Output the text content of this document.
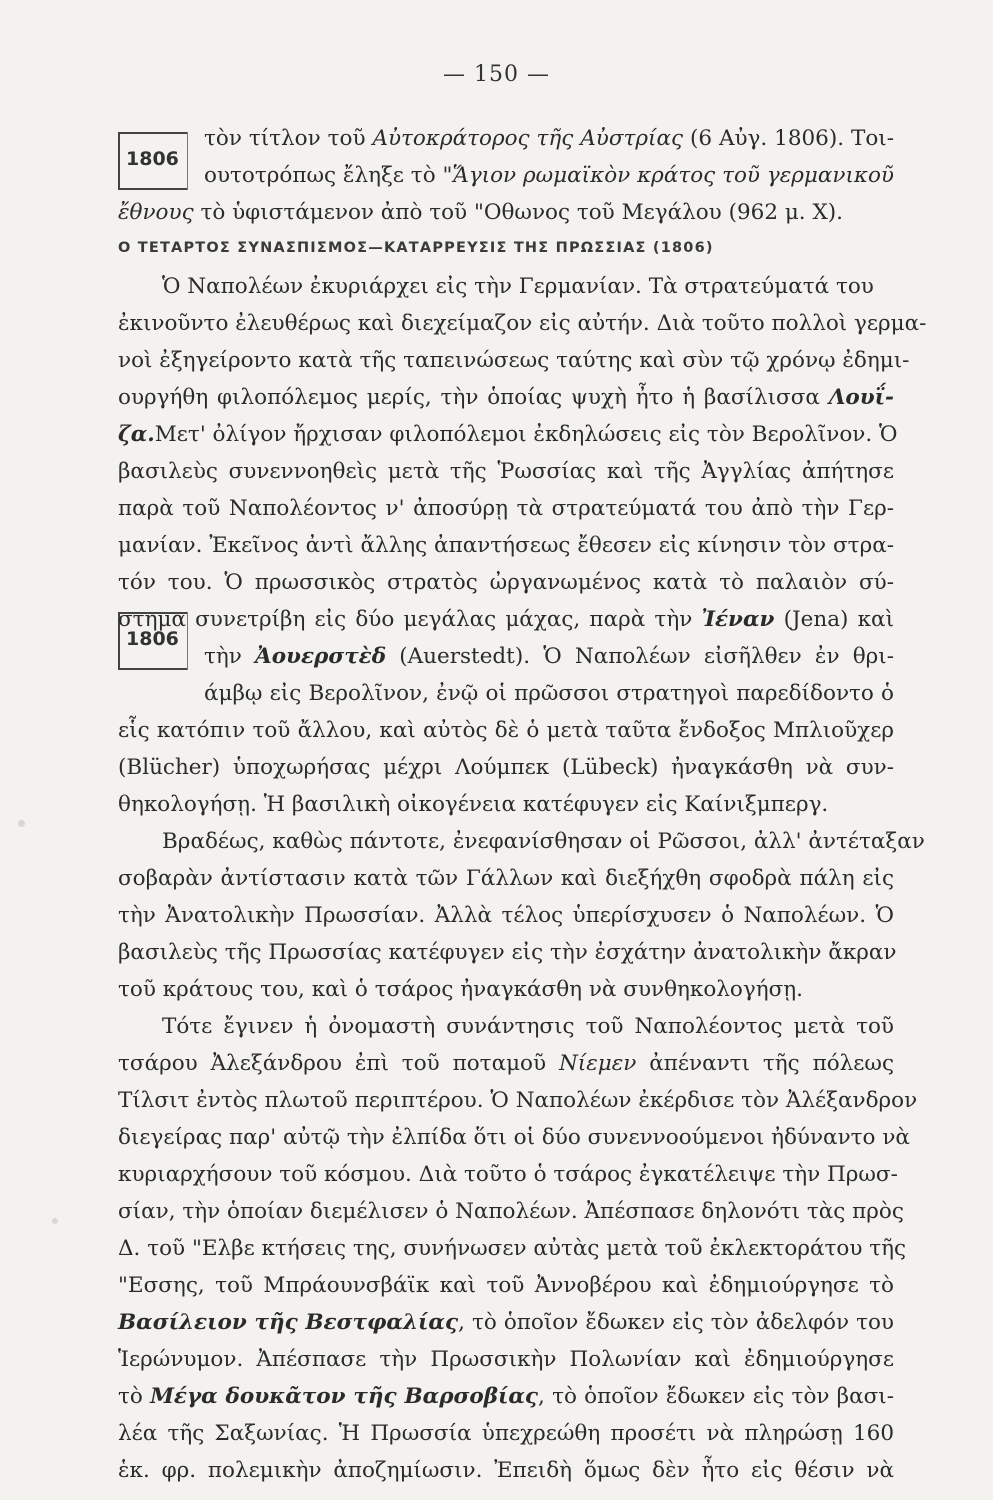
— 150 —
1806
1806
τὸν τίτλον τοῦ Αὐτοκράτορος τῆς Αὐστρίας (6 Αὐγ. 1806). Τοι-
ουτοτρόπως ἔληξε τὸ "Ἅγιον ρωμαϊκὸν κράτος τοῦ γερμανικοῦ
ἔθνους τὸ ὑφιστάμενον ἀπὸ τοῦ "Οθωνος τοῦ Μεγάλου (962 μ. Χ).
Ο ΤΕΤΑΡΤΟΣ ΣΥΝΑΣΠΙΣΜΟΣ—ΚΑΤΑΡΡΕΥΣΙΣ ΤΗΣ ΠΡΩΣΣΙΑΣ (1806)
Ὁ Ναπολέων ἐκυριάρχει εἰς τὴν Γερμανίαν. Τὰ στρατεύματά του
ἐκινοῦντο ἐλευθέρως καὶ διεχείμαζον εἰς αὐτήν. Διὰ τοῦτο πολλοὶ γερμα-
νοὶ ἐξηγείροντο κατὰ τῆς ταπεινώσεως ταύτης καὶ σὺν τῷ χρόνῳ ἐδημι-
ουργήθη φιλοπόλεμος μερίς, τὴν ὁποίας ψυχὴ ἦτο ἡ βασίλισσα Λουΐ-
ζα.Μετ' ὀλίγον ἤρχισαν φιλοπόλεμοι ἐκδηλώσεις εἰς τὸν Βερολῖνον. Ὁ
βασιλεὺς συνεννοηθεὶς μετὰ τῆς Ῥωσσίας καὶ τῆς Ἀγγλίας ἀπήτησε
παρὰ τοῦ Ναπολέοντος ν' ἀποσύρῃ τὰ στρατεύματά του ἀπὸ τὴν Γερ-
μανίαν. Ἐκεῖνος ἀντὶ ἄλλης ἀπαντήσεως ἔθεσεν εἰς κίνησιν τὸν στρα-
τόν του. Ὁ πρωσσικὸς στρατὸς ὠργανωμένος κατὰ τὸ παλαιὸν σύ-
στημα συνετρίβη εἰς δύο μεγάλας μάχας, παρὰ τὴν Ἰέναν (Jena) καὶ
τὴν Ἀουερστὲδ (Auerstedt). Ὁ Ναπολέων εἰσῆλθεν ἐν θρι-
άμβῳ εἰς Βερολῖνον, ἐνῷ οἱ πρῶσσοι στρατηγοὶ παρεδίδοντο ὁ
εἷς κατόπιν τοῦ ἄλλου, καὶ αὐτὸς δὲ ὁ μετὰ ταῦτα ἔνδοξος Μπλιοῦχερ
(Blücher) ὑποχωρήσας μέχρι Λούμπεκ (Lübeck) ἠναγκάσθη νὰ συν-
θηκολογήσῃ. Ἡ βασιλικὴ οἰκογένεια κατέφυγεν εἰς Καίνιξμπεργ.
Βραδέως, καθὼς πάντοτε, ἐνεφανίσθησαν οἱ Ρῶσσοι, ἀλλ' ἀντέταξαν
σοβαρὰν ἀντίστασιν κατὰ τῶν Γάλλων καὶ διεξήχθη σφοδρὰ πάλη εἰς
τὴν Ἀνατολικὴν Πρωσσίαν. Ἀλλὰ τέλος ὑπερίσχυσεν ὁ Ναπολέων. Ὁ
βασιλεὺς τῆς Πρωσσίας κατέφυγεν εἰς τὴν ἐσχάτην ἀνατολικὴν ἄκραν
τοῦ κράτους του, καὶ ὁ τσάρος ἠναγκάσθη νὰ συνθηκολογήσῃ.
Τότε ἔγινεν ἡ ὀνομαστὴ συνάντησις τοῦ Ναπολέοντος μετὰ τοῦ
τσάρου Ἀλεξάνδρου ἐπὶ τοῦ ποταμοῦ Νίεμεν ἀπέναντι τῆς πόλεως
Τίλσιτ ἐντὸς πλωτοῦ περιπτέρου. Ὁ Ναπολέων ἐκέρδισε τὸν Ἀλέξανδρον
διεγείρας παρ' αὐτῷ τὴν ἐλπίδα ὅτι οἱ δύο συνεννοούμενοι ἠδύναντο νὰ
κυριαρχήσουν τοῦ κόσμου. Διὰ τοῦτο ὁ τσάρος ἐγκατέλειψε τὴν Πρωσ-
σίαν, τὴν ὁποίαν διεμέλισεν ὁ Ναπολέων. Ἀπέσπασε δηλονότι τὰς πρὸς
Δ. τοῦ "Ελβε κτήσεις της, συνήνωσεν αὐτὰς μετὰ τοῦ ἐκλεκτοράτου τῆς
"Εσσης, τοῦ Μπράουνσβάϊκ καὶ τοῦ Ἀννοβέρου καὶ ἐδημιούργησε τὸ
Βασίλειον τῆς Βεστφαλίας, τὸ ὁποῖον ἔδωκεν εἰς τὸν ἀδελφόν του
Ἱερώνυμον. Ἀπέσπασε τὴν Πρωσσικὴν Πολωνίαν καὶ ἐδημιούργησε
τὸ Μέγα δουκᾶτον τῆς Βαρσοβίας, τὸ ὁποῖον ἔδωκεν εἰς τὸν βασι-
λέα τῆς Σαξωνίας. Ἡ Πρωσσία ὑπεχρεώθη προσέτι νὰ πληρώσῃ 160
ἑκ. φρ. πολεμικὴν ἀποζημίωσιν. Ἐπειδὴ ὅμως δὲν ἦτο εἰς θέσιν νὰ
